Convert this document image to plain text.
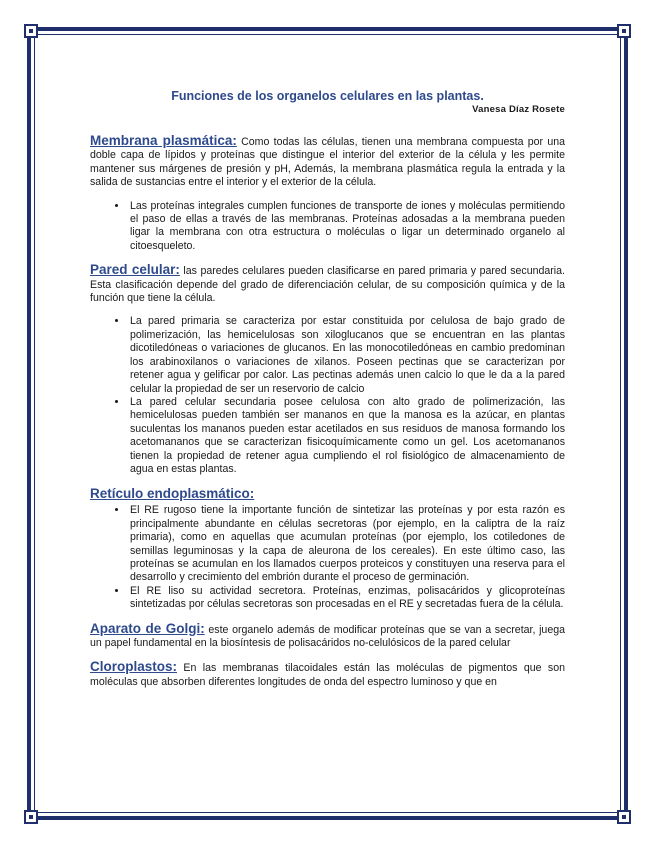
Funciones de los organelos celulares en las plantas.
Vanesa Díaz Rosete

Membrana plasmática: Como todas las células, tienen una membrana compuesta por una doble capa de lípidos y proteínas que distingue el interior del exterior de la célula y les permite mantener sus márgenes de presión y pH, Además, la membrana plasmática regula la entrada y la salida de sustancias entre el interior y el exterior de la célula.

• Las proteínas integrales cumplen funciones de transporte de iones y moléculas permitiendo el paso de ellas a través de las membranas. Proteínas adosadas a la membrana pueden ligar la membrana con otra estructura o moléculas o ligar un determinado organelo al citoesqueleto.

Pared celular: las paredes celulares pueden clasificarse en pared primaria y pared secundaria. Esta clasificación depende del grado de diferenciación celular, de su composición química y de la función que tiene la célula.

• La pared primaria se caracteriza por estar constituida por celulosa de bajo grado de polimerización, las hemicelulosas son xiloglucanos que se encuentran en las plantas dicotiledóneas o variaciones de glucanos. En las monocotiledóneas en cambio predominan los arabinoxilanos o variaciones de xilanos. Poseen pectinas que se caracterizan por retener agua y gelificar por calor. Las pectinas además unen calcio lo que le da a la pared celular la propiedad de ser un reservorio de calcio
• La pared celular secundaria posee celulosa con alto grado de polimerización, las hemicelulosas pueden también ser mananos en que la manosa es la azúcar, en plantas suculentas los mananos pueden estar acetilados en sus residuos de manosa formando los acetomananos que se caracterizan fisicoquímicamente como un gel. Los acetomananos tienen la propiedad de retener agua cumpliendo el rol fisiológico de almacenamiento de agua en estas plantas.
Retículo endoplasmático:
• El RE rugoso tiene la importante función de sintetizar las proteínas y por esta razón es principalmente abundante en células secretoras (por ejemplo, en la caliptra de la raíz primaria), como en aquellas que acumulan proteínas (por ejemplo, los cotiledones de semillas leguminosas y la capa de aleurona de los cereales). En este último caso, las proteínas se acumulan en los llamados cuerpos proteicos y constituyen una reserva para el desarrollo y crecimiento del embrión durante el proceso de germinación.
• El RE liso su actividad secretora. Proteínas, enzimas, polisacáridos y glicoproteínas sintetizadas por células secretoras son procesadas en el RE y secretadas fuera de la célula.

Aparato de Golgi: este organelo además de modificar proteínas que se van a secretar, juega un papel fundamental en la biosíntesis de polisacáridos no-celulósicos de la pared celular

Cloroplastos: En las membranas tilacoidales están las moléculas de pigmentos que son moléculas que absorben diferentes longitudes de onda del espectro luminoso y que en
